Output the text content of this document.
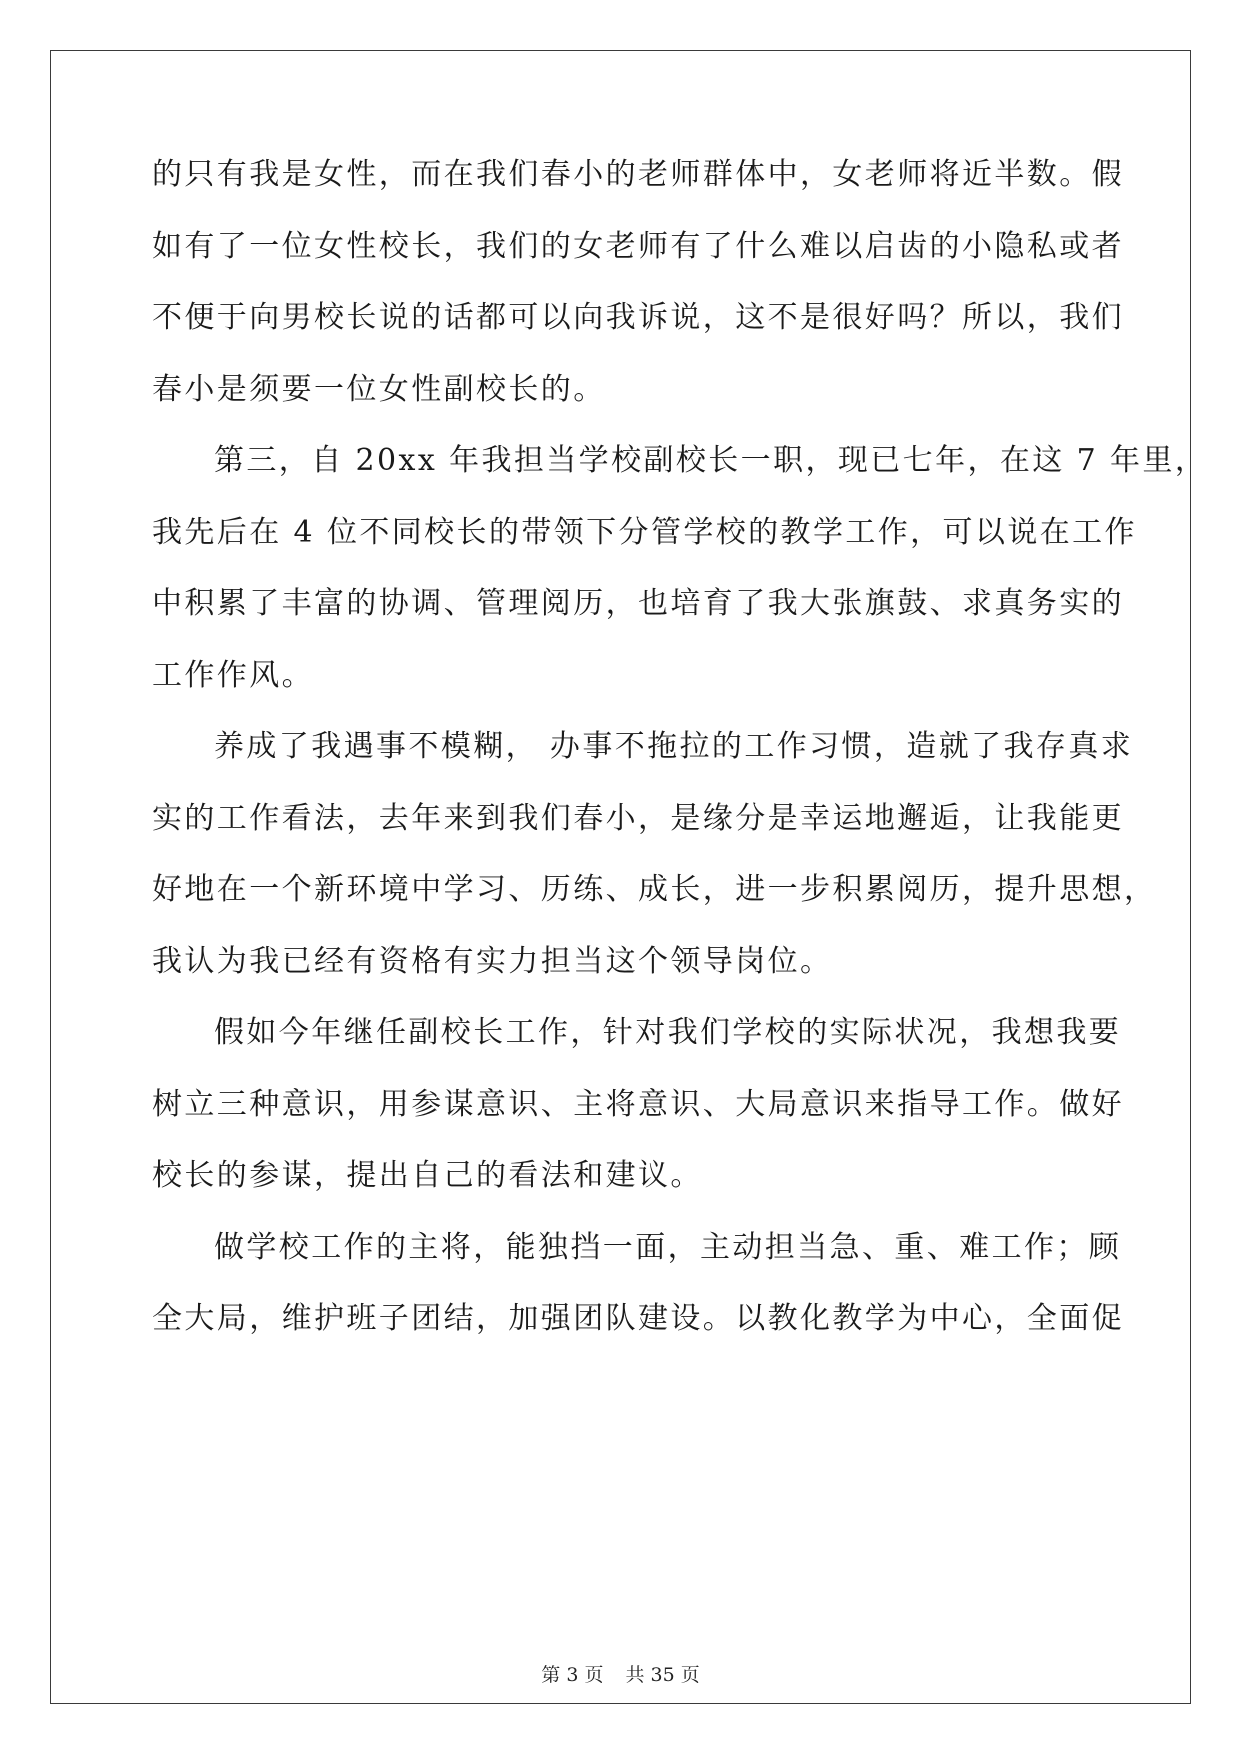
的只有我是女性，而在我们春小的老师群体中，女老师将近半数。假
如有了一位女性校长，我们的女老师有了什么难以启齿的小隐私或者
不便于向男校长说的话都可以向我诉说，这不是很好吗？所以，我们
春小是须要一位女性副校长的。
第三，自 20xx 年我担当学校副校长一职，现已七年，在这 7 年里，
我先后在 4 位不同校长的带领下分管学校的教学工作，可以说在工作
中积累了丰富的协调、管理阅历，也培育了我大张旗鼓、求真务实的
工作作风。
养成了我遇事不模糊， 办事不拖拉的工作习惯，造就了我存真求
实的工作看法，去年来到我们春小，是缘分是幸运地邂逅，让我能更
好地在一个新环境中学习、历练、成长，进一步积累阅历，提升思想，
我认为我已经有资格有实力担当这个领导岗位。
假如今年继任副校长工作，针对我们学校的实际状况，我想我要
树立三种意识，用参谋意识、主将意识、大局意识来指导工作。做好
校长的参谋，提出自己的看法和建议。
做学校工作的主将，能独挡一面，主动担当急、重、难工作；顾
全大局，维护班子团结，加强团队建设。以教化教学为中心，全面促
第 3 页 共 35 页
